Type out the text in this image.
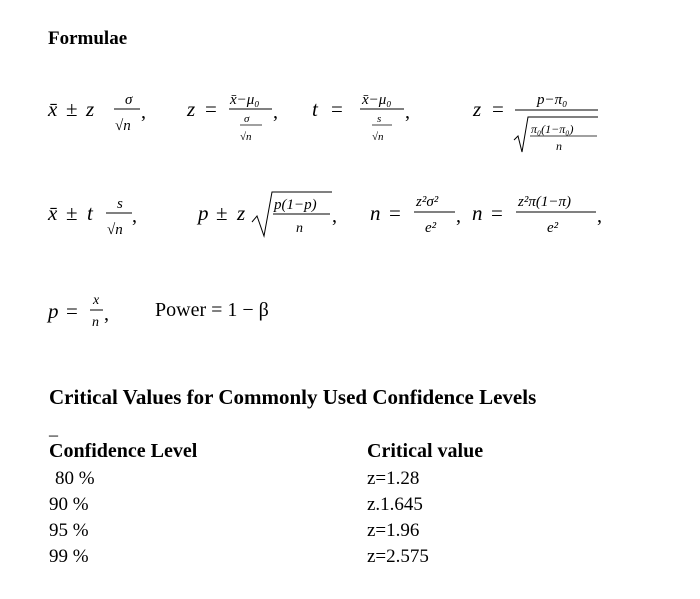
Formulae
x̄ ± z σ
√n
, z = x̄−μ₀
σ
√n
, t = x̄−μ₀
s
√n
,	z = p−π₀
π₀(1−π₀)
n
x̄ ± t s
√n
,	p ± z p(1−p)
n
, n = z²σ²
e²
, n = z²π(1−π)
e²
,
p = x
n , Power = 1 − β
Critical Values for Commonly Used Confidence Levels
_
Confidence Level	Critical value
80 %	z=1.28
90 %	z.1.645
95 %	z=1.96
99 %	z=2.575
